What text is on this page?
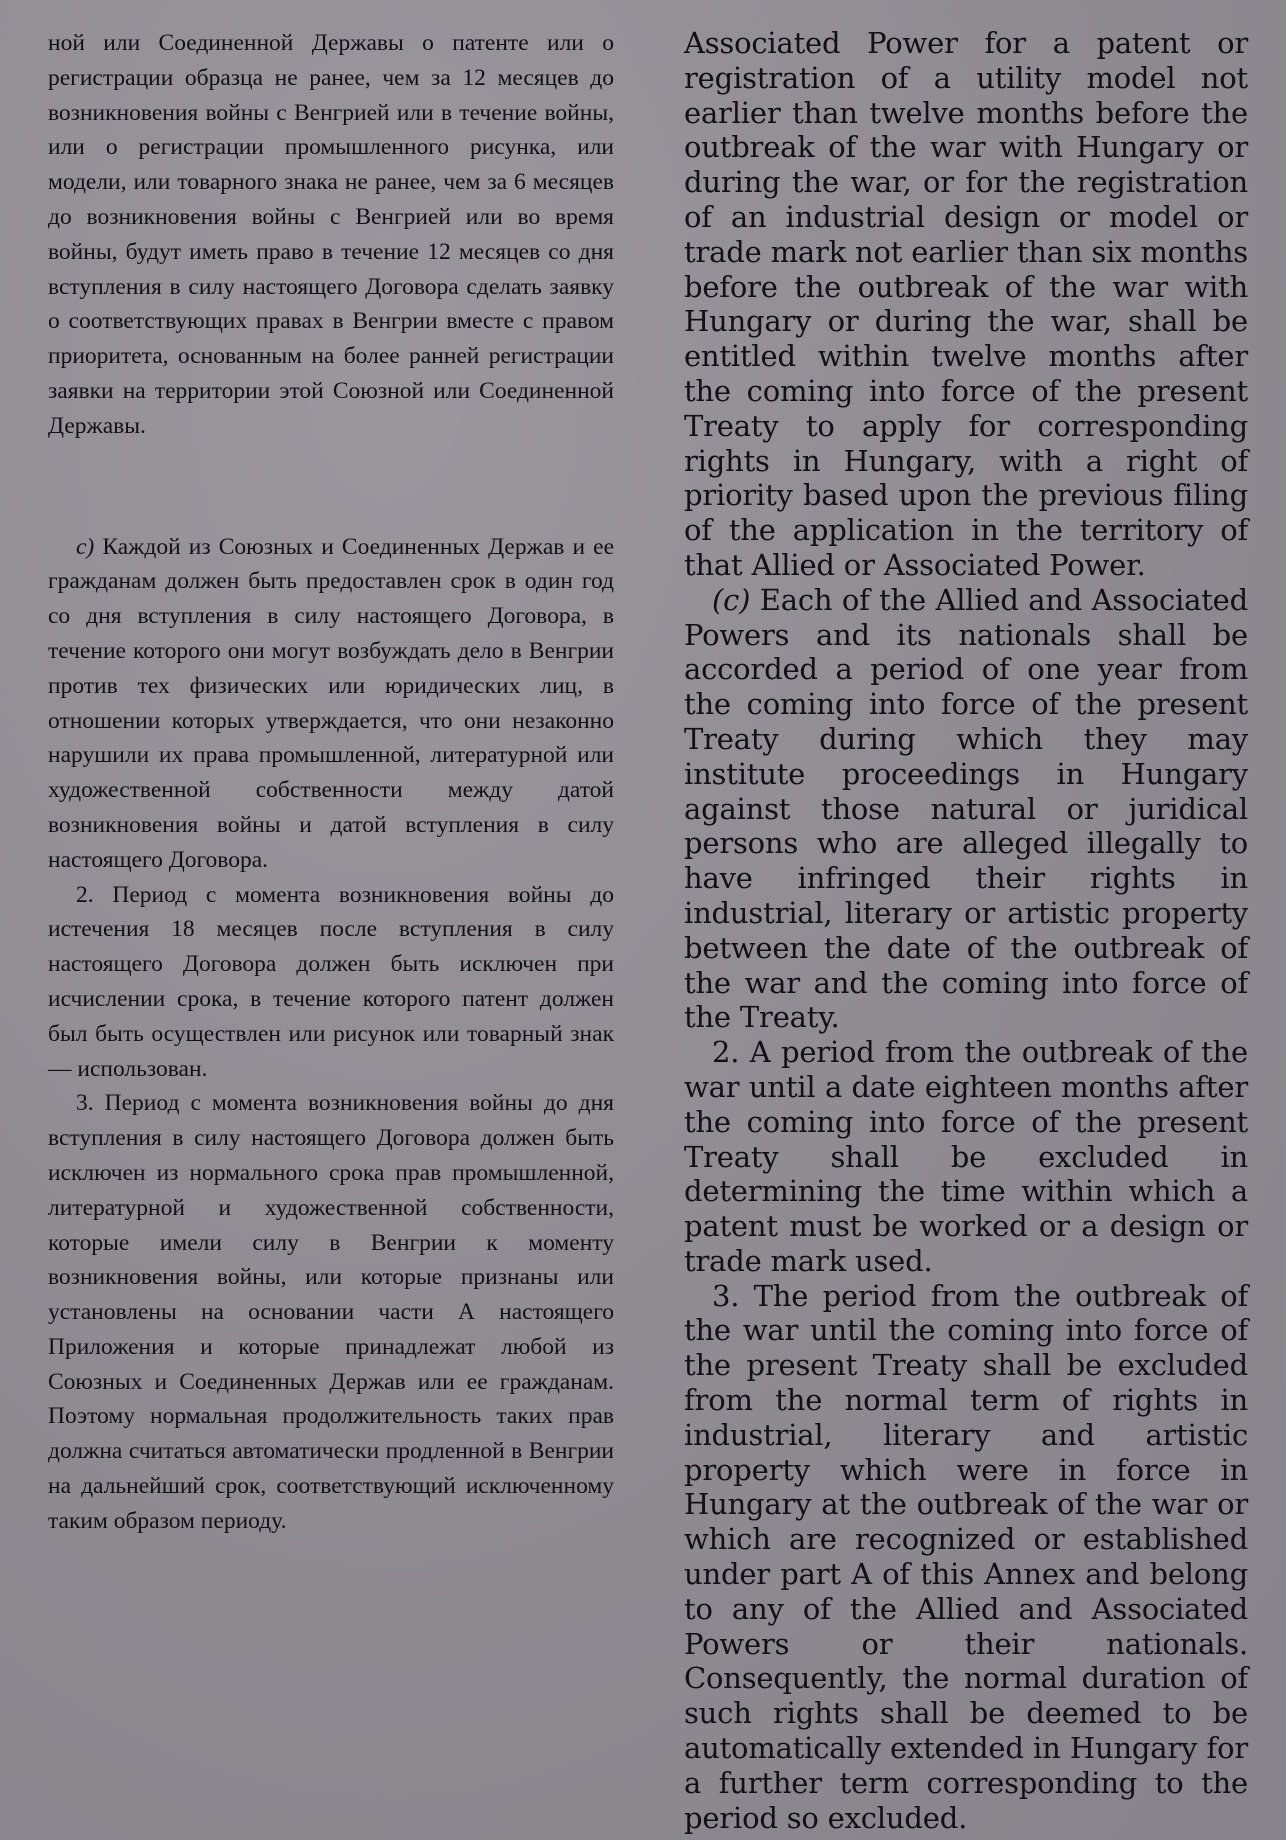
ной или Соединенной Державы о патенте или о регистрации образца не ранее, чем за 12 месяцев до возникновения войны с Венгрией или в течение войны, или о регистрации промышленного рисунка, или модели, или товарного знака не ранее, чем за 6 месяцев до возникновения войны с Венгрией или во время войны, будут иметь право в течение 12 месяцев со дня вступления в силу настоящего Договора сделать заявку о соответствующих правах в Венгрии вместе с правом приоритета, основанным на более ранней регистрации заявки на территории этой Союзной или Соединенной Державы.

с) Каждой из Союзных и Соединенных Держав и ее гражданам должен быть предоставлен срок в один год со дня вступления в силу настоящего Договора, в течение которого они могут возбуждать дело в Венгрии против тех физических или юридических лиц, в отношении которых утверждается, что они незаконно нарушили их права промышленной, литературной или художественной собственности между датой возникновения войны и датой вступления в силу настоящего Договора.

2. Период с момента возникновения войны до истечения 18 месяцев после вступления в силу настоящего Договора должен быть исключен при исчислении срока, в течение которого патент должен был быть осуществлен или рисунок или товарный знак — использован.

3. Период с момента возникновения войны до дня вступления в силу настоящего Договора должен быть исключен из нормального срока прав промышленной, литературной и художественной собственности, которые имели силу в Венгрии к моменту возникновения войны, или которые признаны или установлены на основании части А настоящего Приложения и которые принадлежат любой из Союзных и Соединенных Держав или ее гражданам. Поэтому нормальная продолжительность таких прав должна считаться автоматически продленной в Венгрии на дальнейший срок, соответствующий исключенному таким образом периоду.

Associated Power for a patent or registration of a utility model not earlier than twelve months before the outbreak of the war with Hungary or during the war, or for the registration of an industrial design or model or trade mark not earlier than six months before the outbreak of the war with Hungary or during the war, shall be entitled within twelve months after the coming into force of the present Treaty to apply for corresponding rights in Hungary, with a right of priority based upon the previous filing of the application in the territory of that Allied or Associated Power.

(c) Each of the Allied and Associated Powers and its nationals shall be accorded a period of one year from the coming into force of the present Treaty during which they may institute proceedings in Hungary against those natural or juridical persons who are alleged illegally to have infringed their rights in industrial, literary or artistic property between the date of the outbreak of the war and the coming into force of the Treaty.

2. A period from the outbreak of the war until a date eighteen months after the coming into force of the present Treaty shall be excluded in determining the time within which a patent must be worked or a design or trade mark used.

3. The period from the outbreak of the war until the coming into force of the present Treaty shall be excluded from the normal term of rights in industrial, literary and artistic property which were in force in Hungary at the outbreak of the war or which are recognized or established under part A of this Annex and belong to any of the Allied and Associated Powers or their nationals. Consequently, the normal duration of such rights shall be deemed to be automatically extended in Hungary for a further term corresponding to the period so excluded.
